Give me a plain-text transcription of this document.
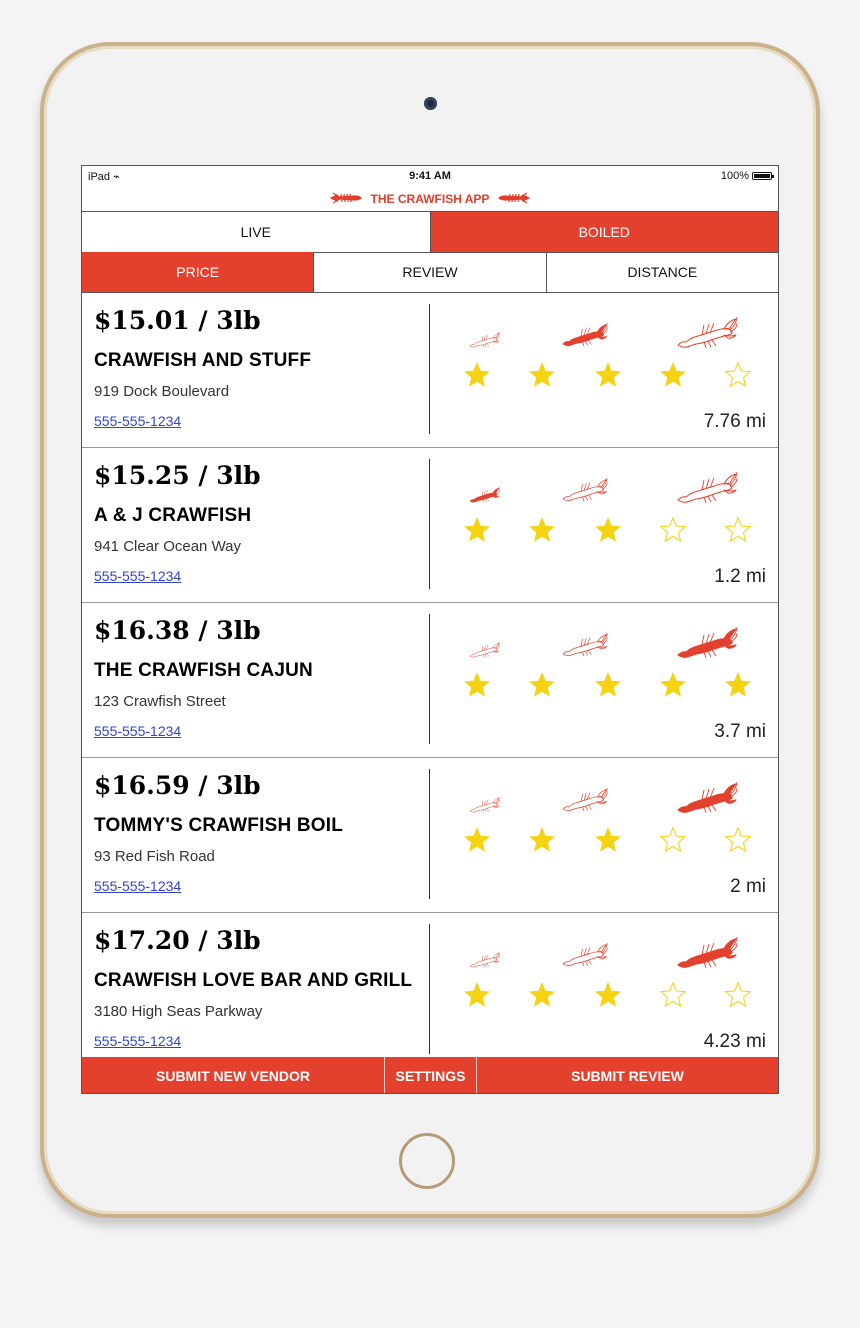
iPad ⌁	9:41 AM	100%
THE CRAWFISH APP
LIVE	BOILED
PRICE	REVIEW	DISTANCE
$15.01 / 3lb
CRAWFISH AND STUFF
919 Dock Boulevard
555-555-1234	7.76 mi
$15.25 / 3lb
A & J CRAWFISH
941 Clear Ocean Way
555-555-1234	1.2 mi
$16.38 / 3lb
THE CRAWFISH CAJUN
123 Crawfish Street
555-555-1234	3.7 mi
$16.59 / 3lb
TOMMY'S CRAWFISH BOIL
93 Red Fish Road
555-555-1234	2 mi
$17.20 / 3lb
CRAWFISH LOVE BAR AND GRILL
3180 High Seas Parkway
555-555-1234	4.23 mi
SUBMIT NEW VENDOR	SETTINGS	SUBMIT REVIEW
